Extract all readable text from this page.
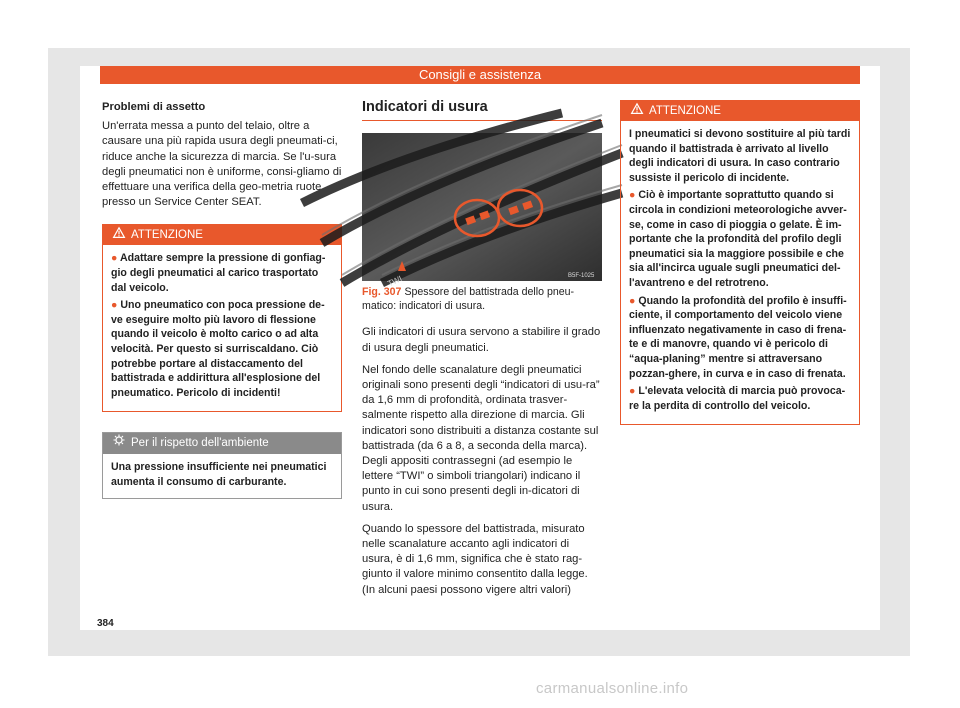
Consigli e assistenza

Problemi di assetto

Un'errata messa a punto del telaio, oltre a causare una più rapida usura degli pneumati-ci, riduce anche la sicurezza di marcia. Se l'u-sura degli pneumatici non è uniforme, consi-gliamo di effettuare una verifica della geo-metria ruote presso un Service Center SEAT.

ATTENZIONE

● Adattare sempre la pressione di gonfiag-gio degli pneumatici al carico trasportato dal veicolo.

● Uno pneumatico con poca pressione de-ve eseguire molto più lavoro di flessione quando il veicolo è molto carico o ad alta velocità. Per questo si surriscaldano. Ciò potrebbe portare al distaccamento del battistrada e addirittura all'esplosione del pneumatico. Pericolo di incidenti!

Per il rispetto dell'ambiente
Una pressione insufficiente nei pneumatici aumenta il consumo di carburante.

Indicatori di usura

TWI	B5F-1025
Fig. 307 Spessore del battistrada dello pneu-matico: indicatori di usura.

Gli indicatori di usura servono a stabilire il grado di usura degli pneumatici.

Nel fondo delle scanalature degli pneumatici originali sono presenti degli “indicatori di usu-ra” da 1,6 mm di profondità, ordinata trasver-salmente rispetto alla direzione di marcia. Gli indicatori sono distribuiti a distanza costante sul battistrada (da 6 a 8, a seconda della marca). Degli appositi contrassegni (ad esempio le lettere “TWI” o simboli triangolari) indicano il punto in cui sono presenti degli in-dicatori di usura.

Quando lo spessore del battistrada, misurato nelle scanalature accanto agli indicatori di usura, è di 1,6 mm, significa che è stato rag-giunto il valore minimo consentito dalla legge. (In alcuni paesi possono vigere altri valori)

ATTENZIONE

I pneumatici si devono sostituire al più tardi quando il battistrada è arrivato al livello degli indicatori di usura. In caso contrario sussiste il pericolo di incidente.

● Ciò è importante soprattutto quando si circola in condizioni meteorologiche avver-se, come in caso di pioggia o gelate. È im-portante che la profondità del profilo degli pneumatici sia la maggiore possibile e che sia all'incirca uguale sugli pneumatici del-l'avantreno e del retrotreno.

● Quando la profondità del profilo è insuffi-ciente, il comportamento del veicolo viene influenzato negativamente in caso di frena-te e di manovre, quando vi è pericolo di “aqua-planing” mentre si attraversano pozzan-ghere, in curva e in caso di frenata.

● L'elevata velocità di marcia può provoca-re la perdita di controllo del veicolo.

384
carmanualsonline.info
